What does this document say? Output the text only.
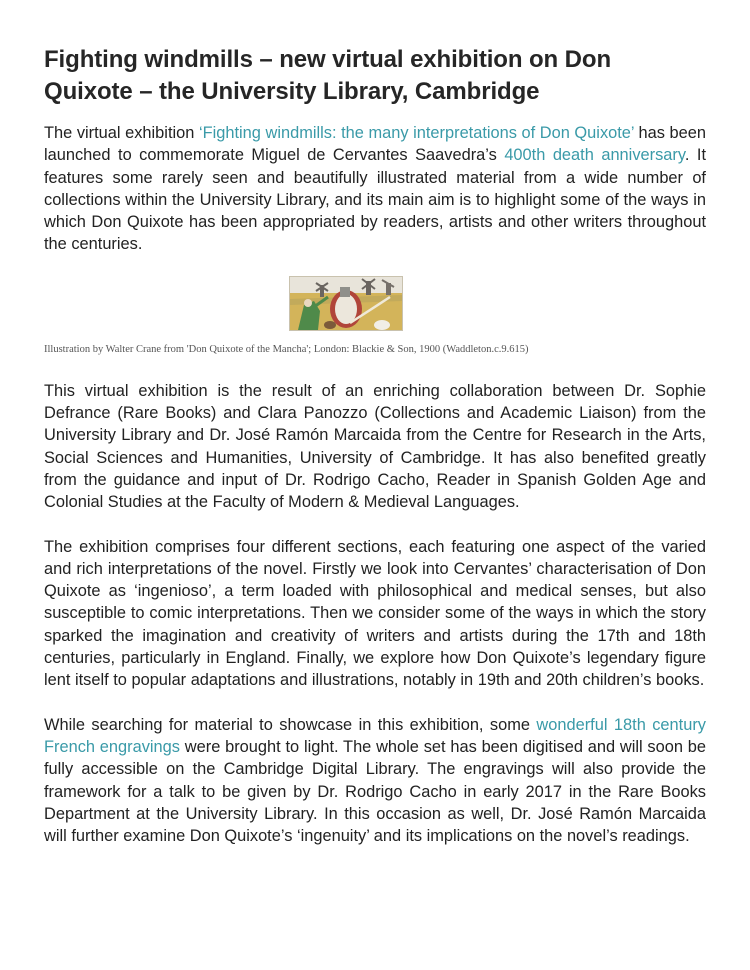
Fighting windmills – new virtual exhibition on Don Quixote – the University Library, Cambridge

The virtual exhibition ‘Fighting windmills: the many interpretations of Don Quixote’ has been launched to commemorate Miguel de Cervantes Saavedra’s 400th death anniversary. It features some rarely seen and beautifully illustrated material from a wide number of collections within the University Library, and its main aim is to highlight some of the ways in which Don Quixote has been appropriated by readers, artists and other writers throughout the centuries.

Illustration by Walter Crane from 'Don Quixote of the Mancha'; London: Blackie & Son, 1900 (Waddleton.c.9.615)

This virtual exhibition is the result of an enriching collaboration between Dr. Sophie Defrance (Rare Books) and Clara Panozzo (Collections and Academic Liaison) from the University Library and Dr. José Ramón Marcaida from the Centre for Research in the Arts, Social Sciences and Humanities, University of Cambridge. It has also benefited greatly from the guidance and input of Dr. Rodrigo Cacho, Reader in Spanish Golden Age and Colonial Studies at the Faculty of Modern & Medieval Languages.

The exhibition comprises four different sections, each featuring one aspect of the varied and rich interpretations of the novel. Firstly we look into Cervantes’ characterisation of Don Quixote as ‘ingenioso’, a term loaded with philosophical and medical senses, but also susceptible to comic interpretations. Then we consider some of the ways in which the story sparked the imagination and creativity of writers and artists during the 17th and 18th centuries, particularly in England. Finally, we explore how Don Quixote’s legendary figure lent itself to popular adaptations and illustrations, notably in 19th and 20th children’s books.

While searching for material to showcase in this exhibition, some wonderful 18th century French engravings were brought to light. The whole set has been digitised and will soon be fully accessible on the Cambridge Digital Library. The engravings will also provide the framework for a talk to be given by Dr. Rodrigo Cacho in early 2017 in the Rare Books Department at the University Library. In this occasion as well, Dr. José Ramón Marcaida will further examine Don Quixote’s ‘ingenuity’ and its implications on the novel’s readings.
